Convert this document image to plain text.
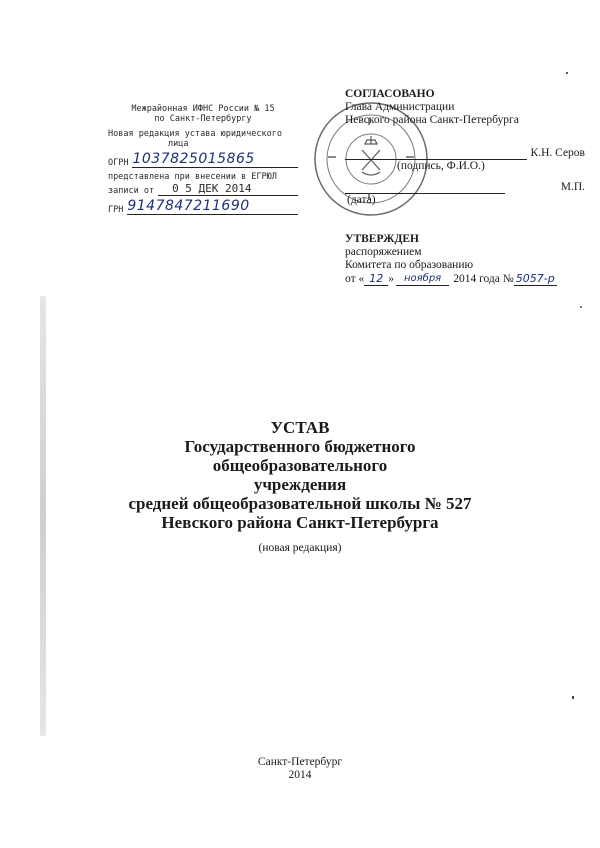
Межрайонная ИФНС России № 15
по Санкт-Петербургу
Новая редакция устава юридического
лица
ОГРН 1037825015865
представлена при внесении в ЕГРЮЛ
записи от	0 5 ДЕК 2014
ГРН 9147847211690
СОГЛАСОВАНО
Глава Администрации
Невского района Санкт-Петербурга
К.Н. Серов
(подпись, Ф.И.О.)
М.П.
(дата)
УТВЕРЖДЕН
распоряжением
Комитета по образованию
от « 12 »	ноября	2014 года № 5057-р
УСТАВ
Государственного бюджетного общеобразовательного
учреждения
средней общеобразовательной школы № 527
Невского района Санкт-Петербурга
(новая редакция)
Санкт-Петербург
2014
